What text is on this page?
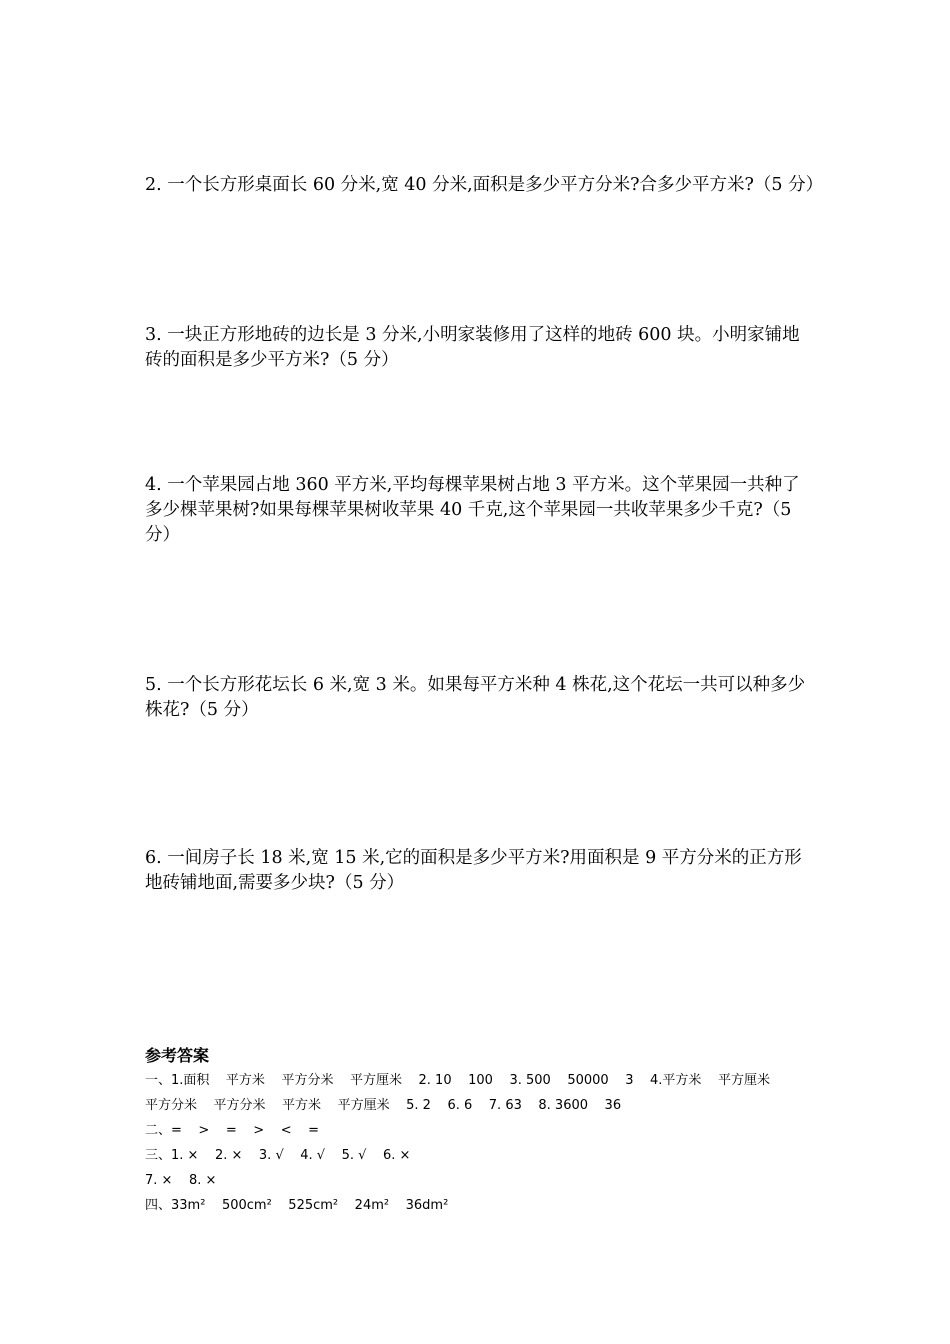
2. 一个长方形桌面长 60 分米,宽 40 分米,面积是多少平方分米?合多少平方米?（5 分）
3. 一块正方形地砖的边长是 3 分米,小明家装修用了这样的地砖 600 块。小明家铺地砖的面积是多少平方米?（5 分）
4. 一个苹果园占地 360 平方米,平均每棵苹果树占地 3 平方米。这个苹果园一共种了多少棵苹果树?如果每棵苹果树收苹果 40 千克,这个苹果园一共收苹果多少千克?（5 分）
5. 一个长方形花坛长 6 米,宽 3 米。如果每平方米种 4 株花,这个花坛一共可以种多少株花?（5 分）
6. 一间房子长 18 米,宽 15 米,它的面积是多少平方米?用面积是 9 平方分米的正方形地砖铺地面,需要多少块?（5 分）
参考答案
一、1.面积    平方米    平方分米    平方厘米    2. 10    100    3. 500    50000    3    4.平方米    平方厘米
平方分米    平方分米    平方米    平方厘米    5. 2    6. 6    7. 63    8. 3600    36
二、=    >    =    >    <    =
三、1. ×    2. ×    3. √    4. √    5. √    6. ×
7. ×    8. ×
四、33m²    500cm²    525cm²    24m²    36dm²
